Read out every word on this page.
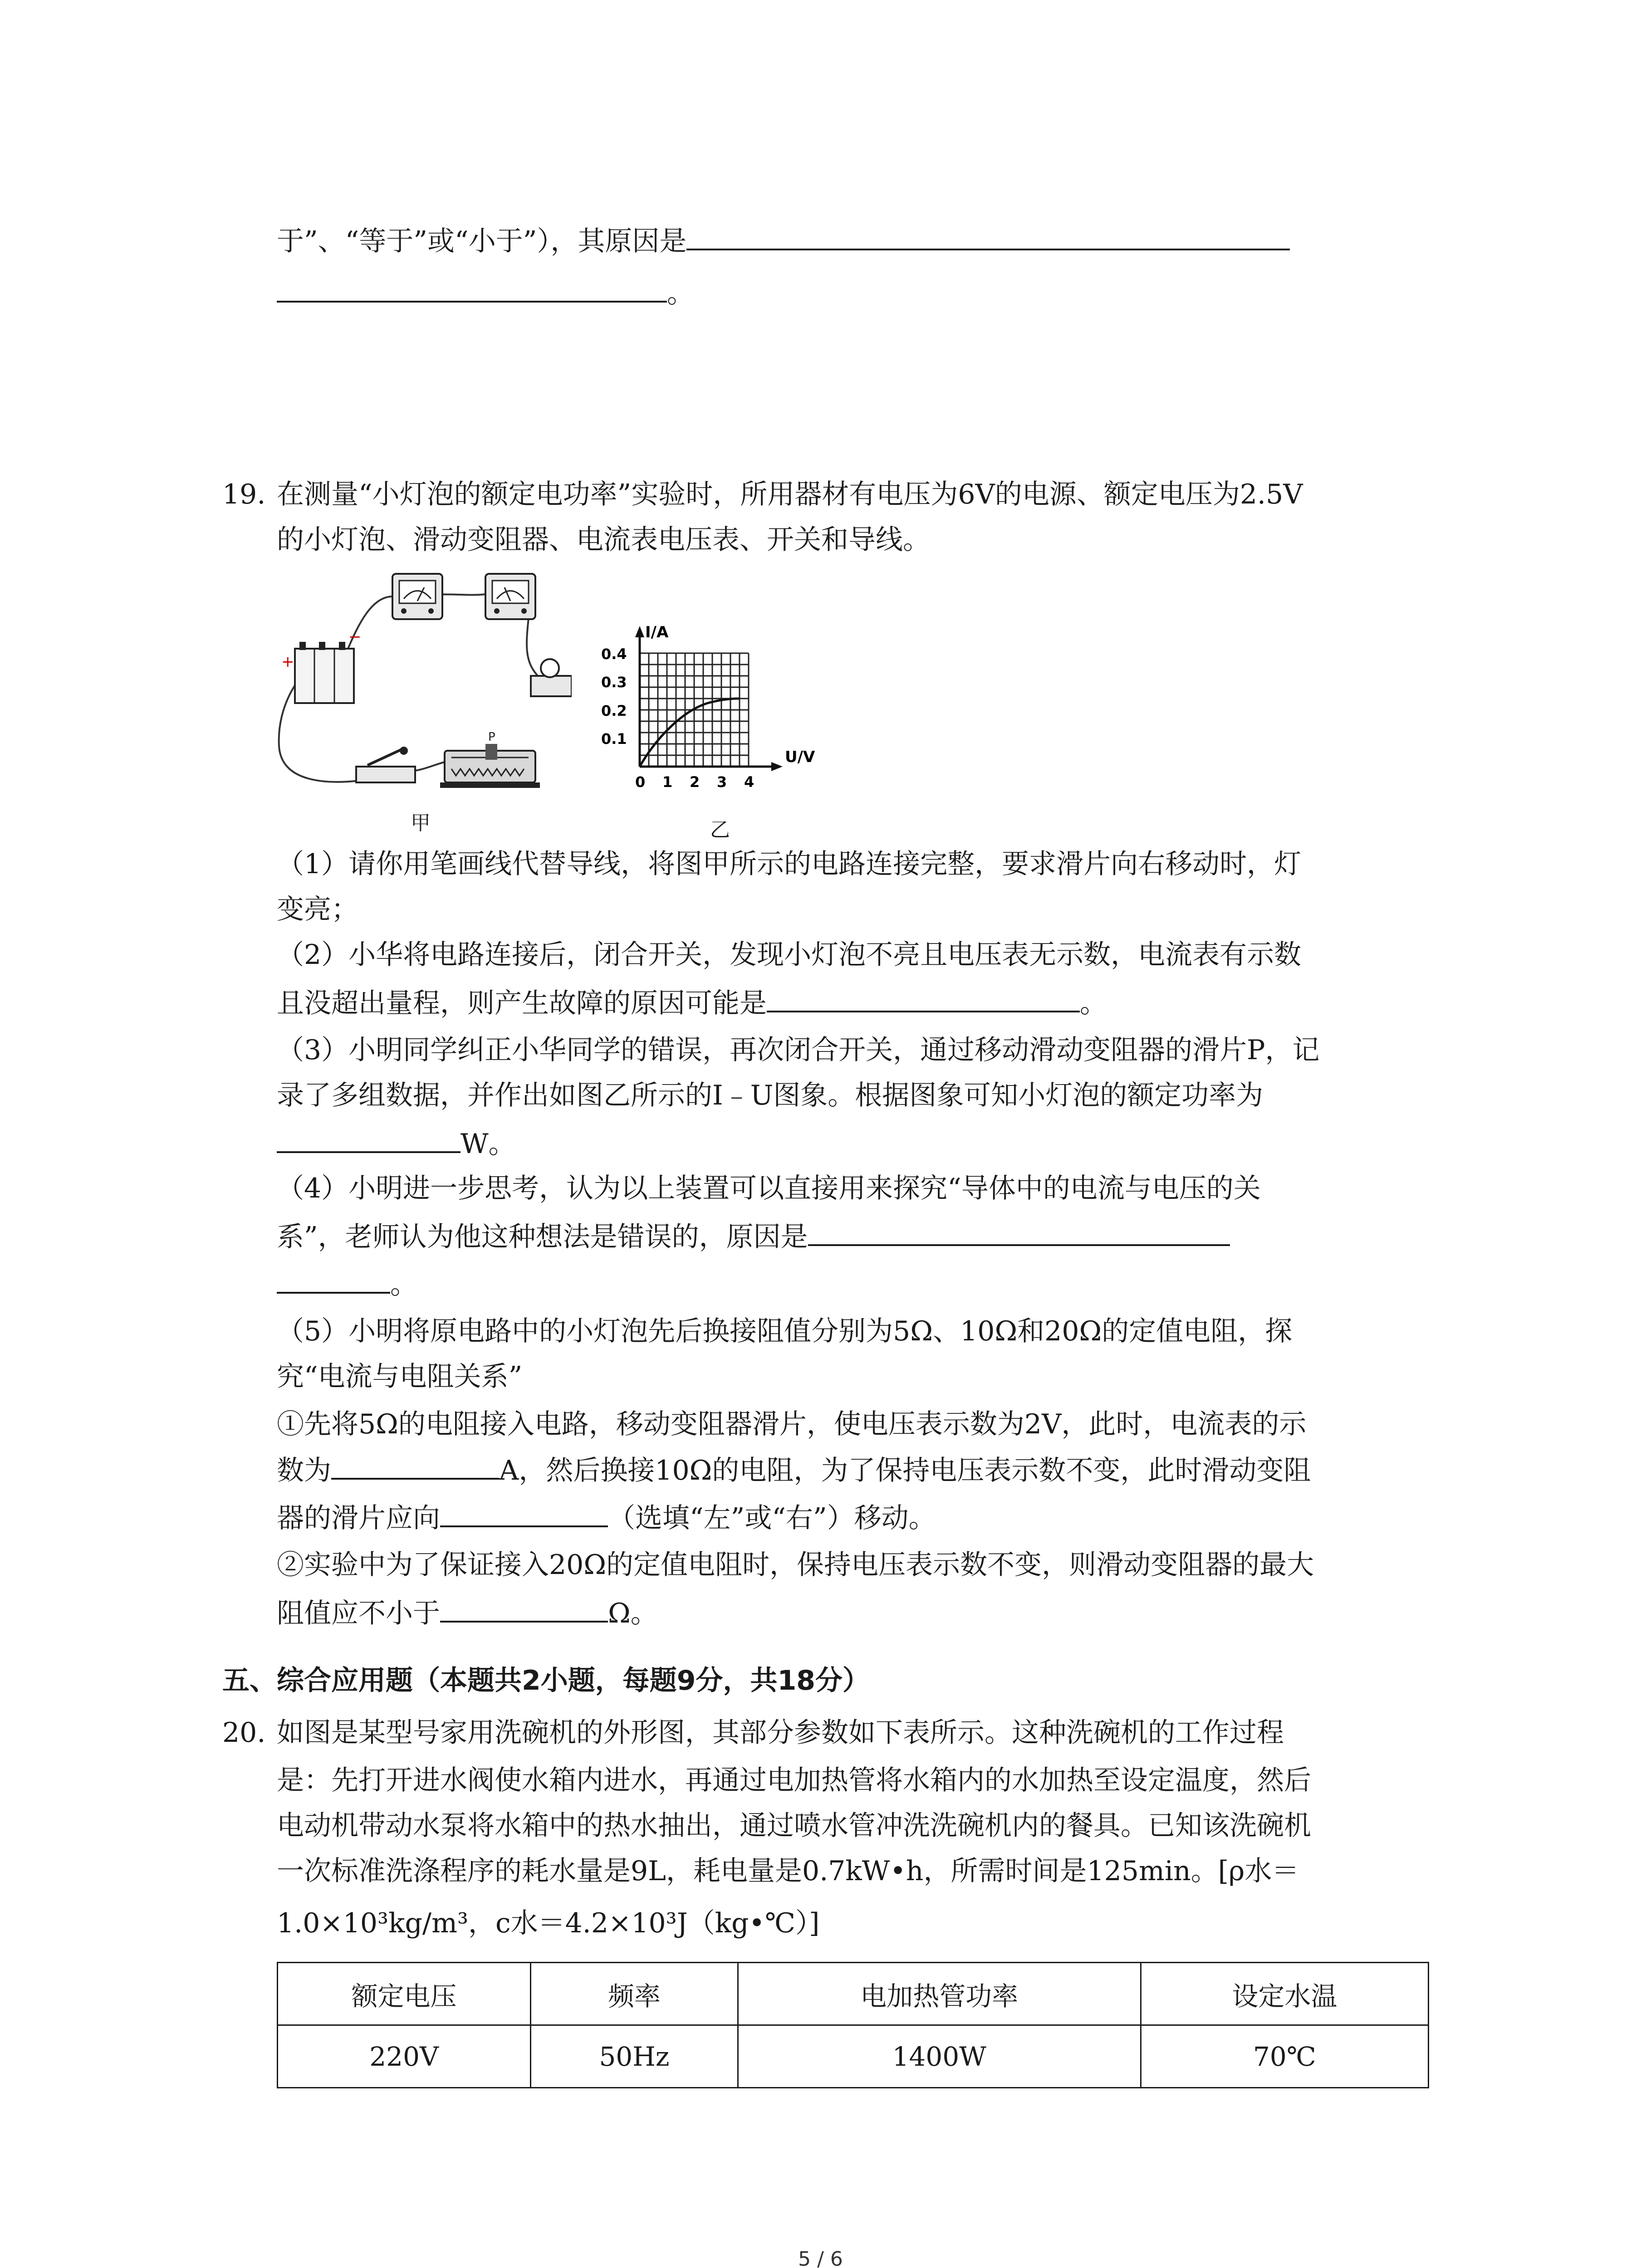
于”、“等于”或“小于”），其原因是
。
19. 在测量“小灯泡的额定电功率”实验时，所用器材有电压为6V的电源、额定电压为2.5V
的小灯泡、滑动变阻器、电流表电压表、开关和导线。
+
−
P
甲
I/A
U/V
0.4
0.3
0.2
0.1
0 1 2 3 4
乙
（1）请你用笔画线代替导线，将图甲所示的电路连接完整，要求滑片向右移动时，灯
变亮；
（2）小华将电路连接后，闭合开关，发现小灯泡不亮且电压表无示数，电流表有示数
且没超出量程，则产生故障的原因可能是	。
（3）小明同学纠正小华同学的错误，再次闭合开关，通过移动滑动变阻器的滑片P，记
录了多组数据，并作出如图乙所示的I﹣U图象。根据图象可知小灯泡的额定功率为
W。
（4）小明进一步思考，认为以上装置可以直接用来探究“导体中的电流与电压的关
系”，老师认为他这种想法是错误的，原因是
。
（5）小明将原电路中的小灯泡先后换接阻值分别为5Ω、10Ω和20Ω的定值电阻，探
究“电流与电阻关系”
①先将5Ω的电阻接入电路，移动变阻器滑片，使电压表示数为2V，此时，电流表的示
数为	A，然后换接10Ω的电阻，为了保持电压表示数不变，此时滑动变阻
器的滑片应向	（选填“左”或“右”）移动。
②实验中为了保证接入20Ω的定值电阻时，保持电压表示数不变，则滑动变阻器的最大
阻值应不小于	Ω。
五、综合应用题（本题共2小题，每题9分，共18分）
20. 如图是某型号家用洗碗机的外形图，其部分参数如下表所示。这种洗碗机的工作过程
是：先打开进水阀使水箱内进水，再通过电加热管将水箱内的水加热至设定温度，然后
电动机带动水泵将水箱中的热水抽出，通过喷水管冲洗洗碗机内的餐具。已知该洗碗机
一次标准洗涤程序的耗水量是9L，耗电量是0.7kW•h，所需时间是125min。[ρ水＝
1.0×10³kg/m³，c水＝4.2×10³J（kg•℃）]
额定电压	频率	电加热管功率	设定水温
220V	50Hz	1400W	70℃
5 / 6
